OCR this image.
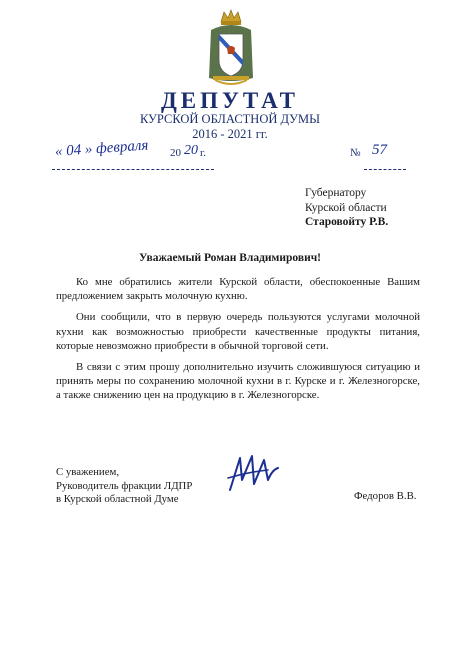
ДЕПУТАТ
КУРСКОЙ ОБЛАСТНОЙ ДУМЫ
2016 - 2021 гг.
« 04 » февраля 20 20 г.	№ 57
Губернатору
Курской области
Старовойту Р.В.
Уважаемый Роман Владимирович!

Ко мне обратились жители Курской области, обеспокоенные Вашим предложением закрыть молочную кухню.

Они сообщили, что в первую очередь пользуются услугами молочной кухни как возможностью приобрести качественные продукты питания, которые невозможно приобрести в обычной торговой сети.

В связи с этим прошу дополнительно изучить сложившуюся ситуацию и принять меры по сохранению молочной кухни в г. Курске и г. Железногорске, а также снижению цен на продукцию в г. Железногорске.

С уважением,
Руководитель фракции ЛДПР
в Курской областной Думе	Федоров В.В.
